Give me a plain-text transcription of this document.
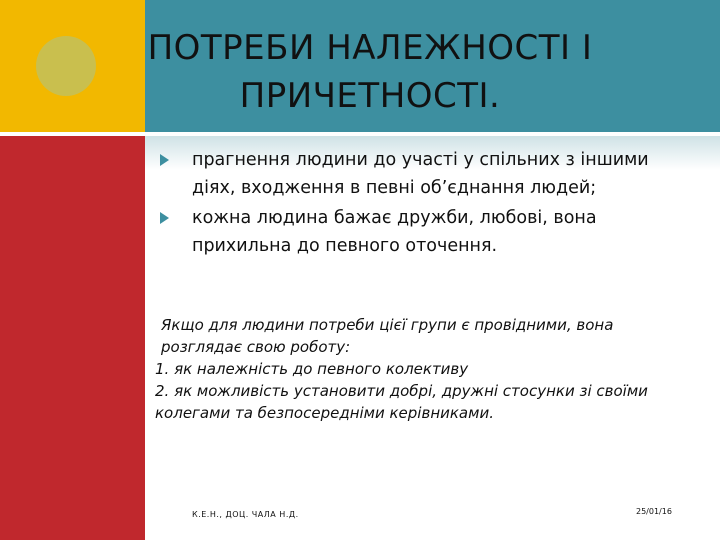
ПОТРЕБИ НАЛЕЖНОСТІ І
ПРИЧЕТНОСТІ.
прагнення людини до участі у спільних з іншими діях, входження в певні об’єднання людей;
кожна людина бажає дружби, любові, вона прихильна до певного оточення.

Якщо для людини потреби цієї групи є провідними, вона розглядає свою роботу:

1. як належність до певного колективу

2. як можливість установити добрі, дружні стосунки зі своїми колегами та безпосередніми керівниками.

К.Е.Н., ДОЦ. ЧАЛА Н.Д.	25/01/16
